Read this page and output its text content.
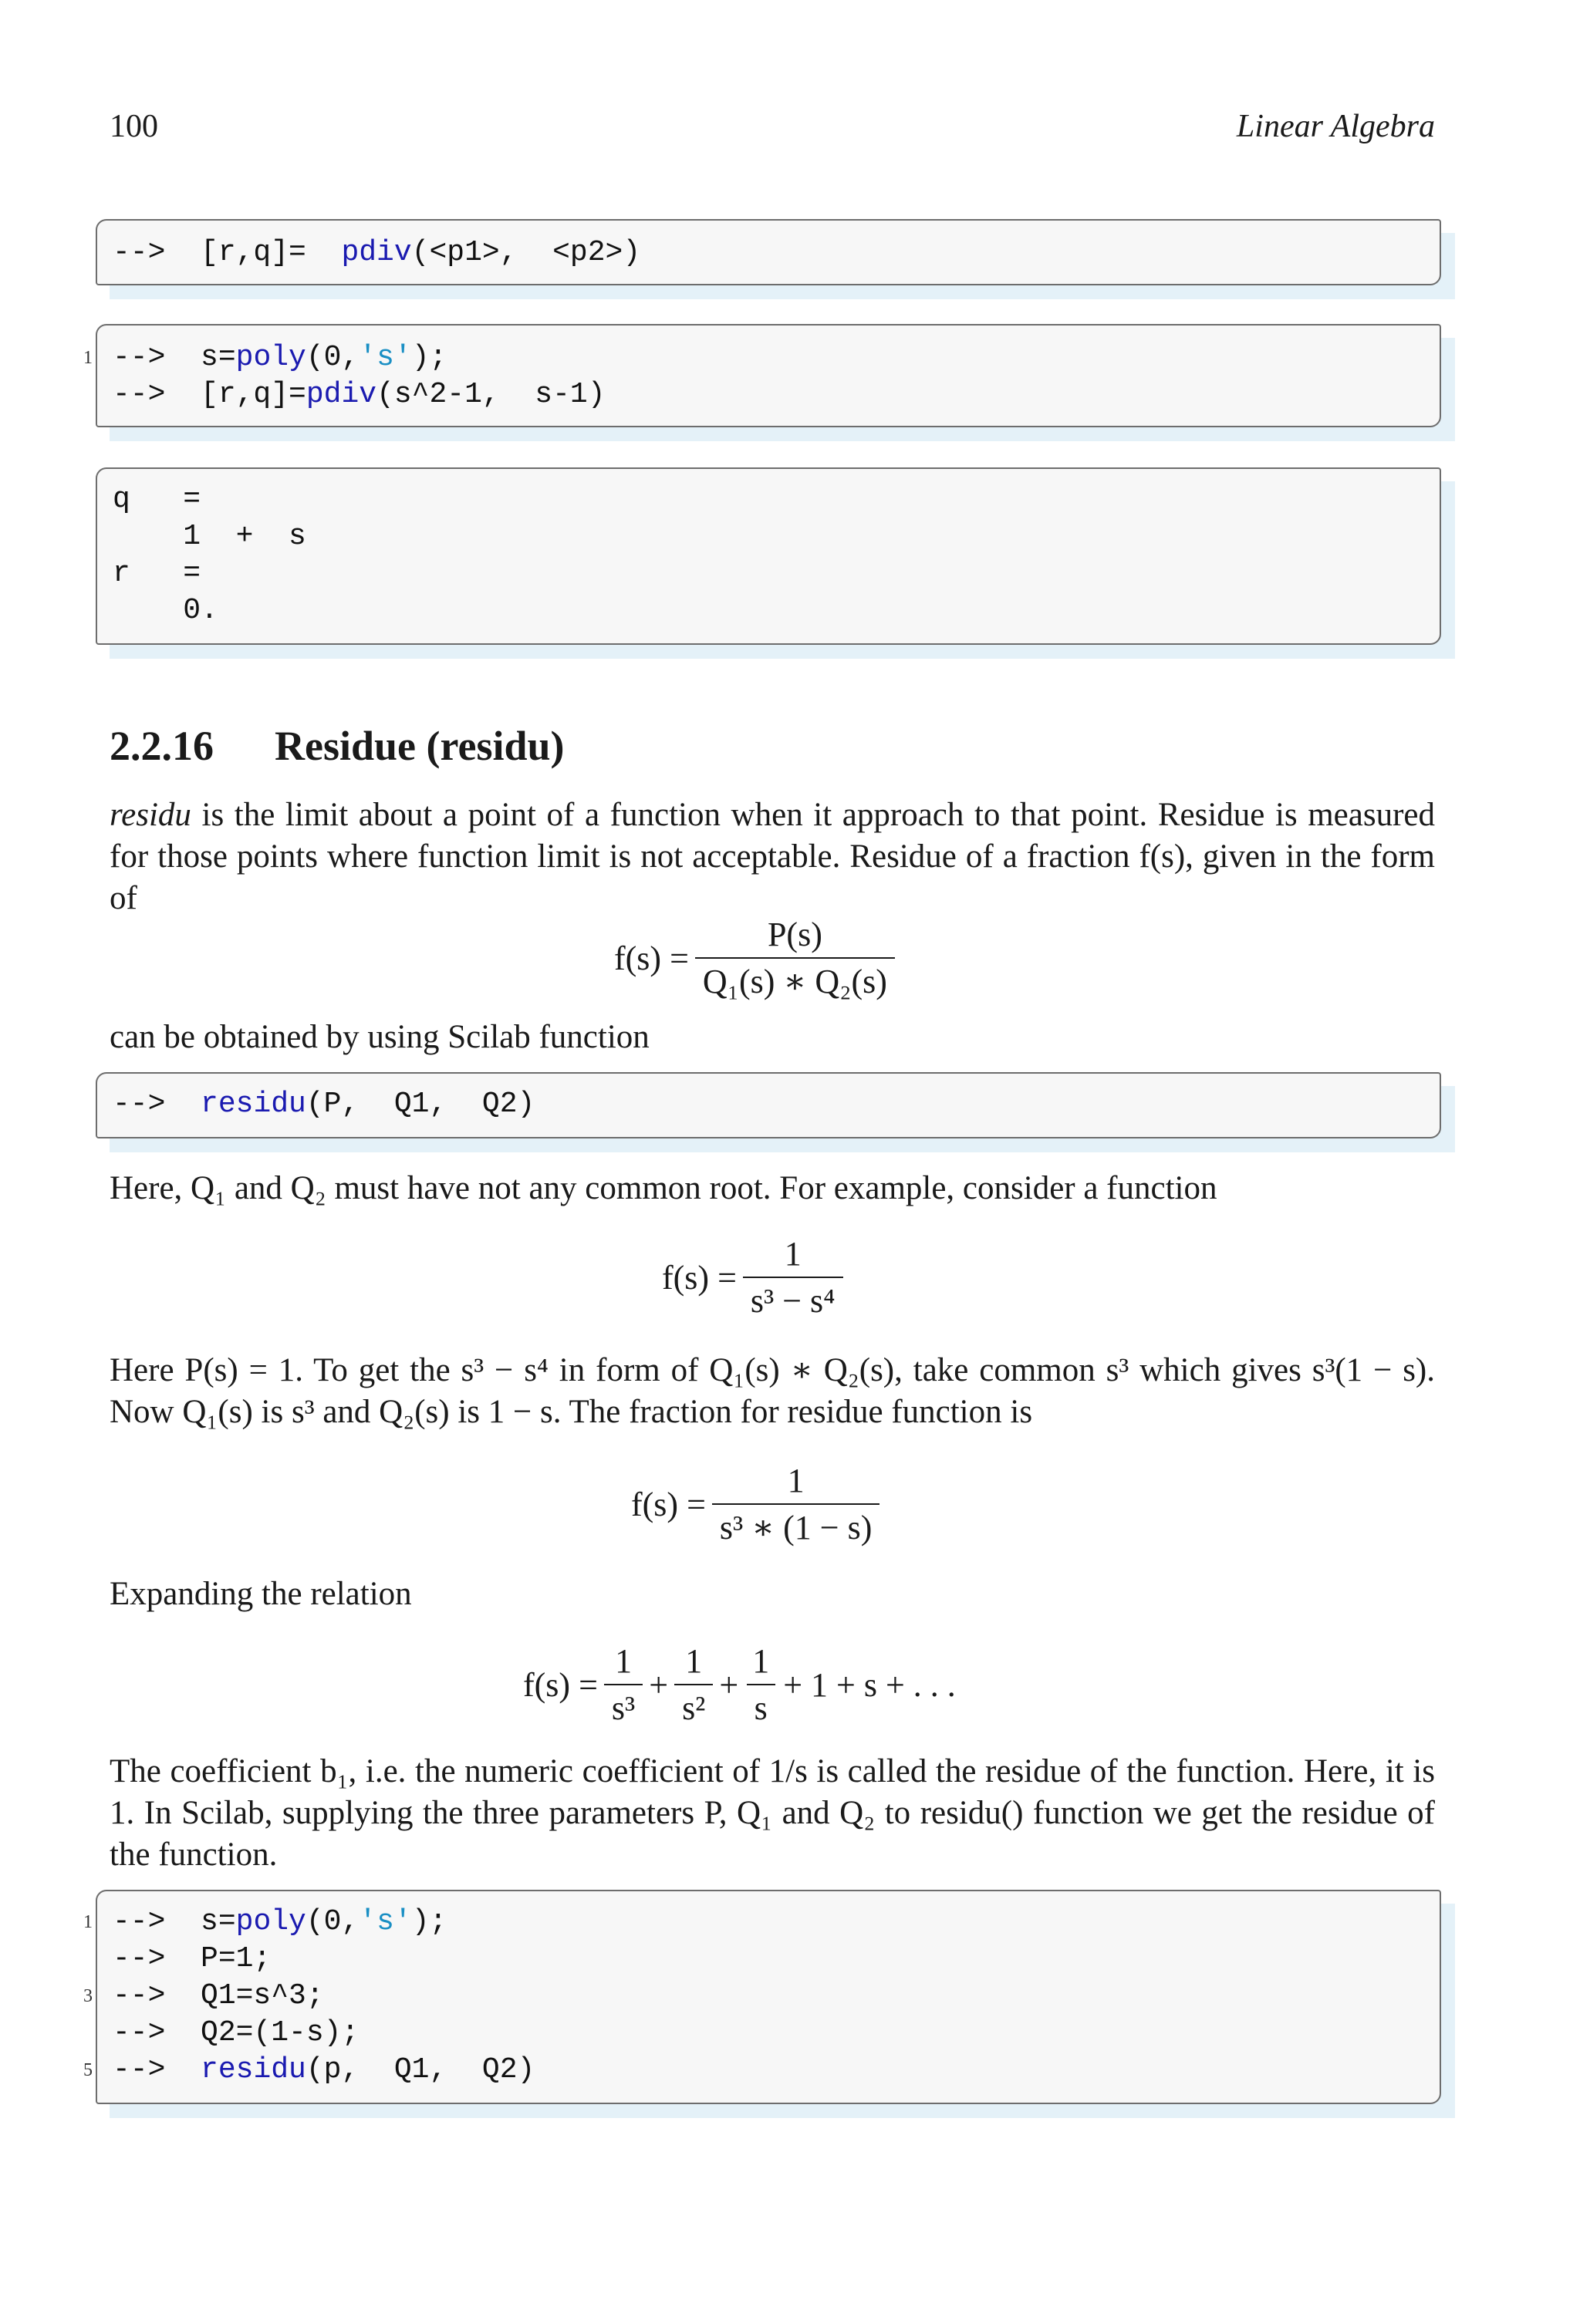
100	Linear Algebra
-->  [r,q]=  pdiv(<p1>,  <p2>)
1 -->  s=poly(0,'s');
-->  [r,q]=pdiv(s^2-1,  s-1)
q   =
1  +  s
r   =
0.
2.2.16 Residue (residu)
residu is the limit about a point of a function when it approach to that point. Residue is measured for those points where function limit is not acceptable. Residue of a fraction f(s), given in the form of
$f(s) = \frac{P(s)}{\text{Q₁(s) ∗ Q₂(s)}}$
can be obtained by using Scilab function
-->  residu(P,  Q1,  Q2)
Here, Q₁ and Q₂ must have not any common root. For example, consider a function
$f(s) = \frac{1}{\text{s³ − s⁴}}$
Here P(s) = 1. To get the s³ − s⁴ in form of Q₁(s) ∗ Q₂(s), take common s³ which gives s³(1 − s). Now Q₁(s) is s³ and Q₂(s) is 1 − s. The fraction for residue function is
$f(s) = \frac{1}{\text{s³ ∗ (1 − s)}}$
Expanding the relation
$f(s) = \frac{1}{\text{s³}} + \frac{1}{\text{s²}} + \frac{1}{s} + 1 + s$ + . . .
The coefficient b₁, i.e. the numeric coefficient of 1/s is called the residue of the function. Here, it is 1. In Scilab, supplying the three parameters P, Q₁ and Q₂ to residu() function we get the residue of the function.
1 -->  s=poly(0,'s');
-->  P=1;
3 -->  Q1=s^3;
-->  Q2=(1-s);
5 -->  residu(p,  Q1,  Q2)
